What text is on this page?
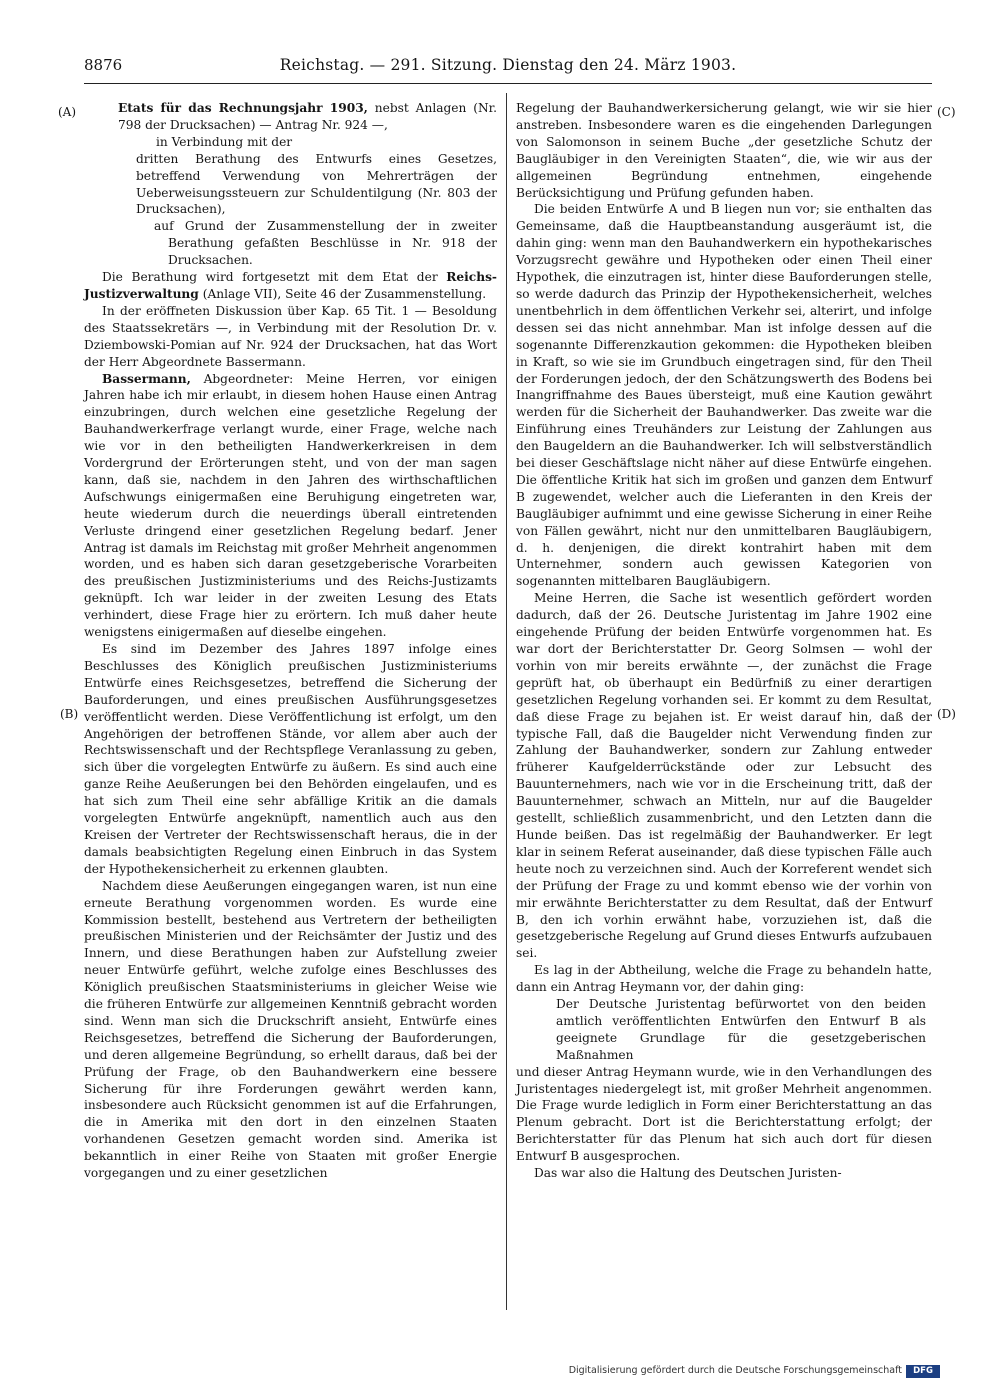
8876	Reichstag. — 291. Sitzung. Dienstag den 24. März 1903.
(A)
(B)
(C)
(D)

Etats für das Rechnungsjahr 1903, nebst Anlagen (Nr. 798 der Drucksachen) — Antrag Nr. 924 —,

in Verbindung mit der

dritten Berathung des Entwurfs eines Gesetzes, betreffend Verwendung von Mehrerträgen der Ueberweisungssteuern zur Schuldentilgung (Nr. 803 der Drucksachen),

auf Grund der Zusammenstellung der in zweiter Berathung gefaßten Beschlüsse in Nr. 918 der Drucksachen.

Die Berathung wird fortgesetzt mit dem Etat der Reichs-Justizverwaltung (Anlage VII), Seite 46 der Zusammenstellung.

In der eröffneten Diskussion über Kap. 65 Tit. 1 — Besoldung des Staatssekretärs —, in Verbindung mit der Resolution Dr. v. Dziembowski-Pomian auf Nr. 924 der Drucksachen, hat das Wort der Herr Abgeordnete Bassermann.

Bassermann, Abgeordneter: Meine Herren, vor einigen Jahren habe ich mir erlaubt, in diesem hohen Hause einen Antrag einzubringen, durch welchen eine gesetzliche Regelung der Bauhandwerkerfrage verlangt wurde, einer Frage, welche nach wie vor in den betheiligten Handwerkerkreisen in dem Vordergrund der Erörterungen steht, und von der man sagen kann, daß sie, nachdem in den Jahren des wirthschaftlichen Aufschwungs einigermaßen eine Beruhigung eingetreten war, heute wiederum durch die neuerdings überall eintretenden Verluste dringend einer gesetzlichen Regelung bedarf. Jener Antrag ist damals im Reichstag mit großer Mehrheit angenommen worden, und es haben sich daran gesetzgeberische Vorarbeiten des preußischen Justizministeriums und des Reichs-Justizamts geknüpft. Ich war leider in der zweiten Lesung des Etats verhindert, diese Frage hier zu erörtern. Ich muß daher heute wenigstens einigermaßen auf dieselbe eingehen.

Es sind im Dezember des Jahres 1897 infolge eines Beschlusses des Königlich preußischen Justizministeriums Entwürfe eines Reichsgesetzes, betreffend die Sicherung der Bauforderungen, und eines preußischen Ausführungsgesetzes veröffentlicht werden. Diese Veröffentlichung ist erfolgt, um den Angehörigen der betroffenen Stände, vor allem aber auch der Rechtswissenschaft und der Rechtspflege Veranlassung zu geben, sich über die vorgelegten Entwürfe zu äußern. Es sind auch eine ganze Reihe Aeußerungen bei den Behörden eingelaufen, und es hat sich zum Theil eine sehr abfällige Kritik an die damals vorgelegten Entwürfe angeknüpft, namentlich auch aus den Kreisen der Vertreter der Rechtswissenschaft heraus, die in der damals beabsichtigten Regelung einen Einbruch in das System der Hypothekensicherheit zu erkennen glaubten.

Nachdem diese Aeußerungen eingegangen waren, ist nun eine erneute Berathung vorgenommen worden. Es wurde eine Kommission bestellt, bestehend aus Vertretern der betheiligten preußischen Ministerien und der Reichsämter der Justiz und des Innern, und diese Berathungen haben zur Aufstellung zweier neuer Entwürfe geführt, welche zufolge eines Beschlusses des Königlich preußischen Staatsministeriums in gleicher Weise wie die früheren Entwürfe zur allgemeinen Kenntniß gebracht worden sind. Wenn man sich die Druckschrift ansieht, Entwürfe eines Reichsgesetzes, betreffend die Sicherung der Bauforderungen, und deren allgemeine Begründung, so erhellt daraus, daß bei der Prüfung der Frage, ob den Bauhandwerkern eine bessere Sicherung für ihre Forderungen gewährt werden kann, insbesondere auch Rücksicht genommen ist auf die Erfahrungen, die in Amerika mit den dort in den einzelnen Staaten vorhandenen Gesetzen gemacht worden sind. Amerika ist bekanntlich in einer Reihe von Staaten mit großer Energie vorgegangen und zu einer gesetzlichen

Regelung der Bauhandwerkersicherung gelangt, wie wir sie hier anstreben. Insbesondere waren es die eingehenden Darlegungen von Salomonson in seinem Buche „der gesetzliche Schutz der Baugläubiger in den Vereinigten Staaten“, die, wie wir aus der allgemeinen Begründung entnehmen, eingehende Berücksichtigung und Prüfung gefunden haben.

Die beiden Entwürfe A und B liegen nun vor; sie enthalten das Gemeinsame, daß die Hauptbeanstandung ausgeräumt ist, die dahin ging: wenn man den Bauhandwerkern ein hypothekarisches Vorzugsrecht gewähre und Hypotheken oder einen Theil einer Hypothek, die einzutragen ist, hinter diese Bauforderungen stelle, so werde dadurch das Prinzip der Hypothekensicherheit, welches unentbehrlich in dem öffentlichen Verkehr sei, alterirt, und infolge dessen sei das nicht annehmbar. Man ist infolge dessen auf die sogenannte Differenzkaution gekommen: die Hypotheken bleiben in Kraft, so wie sie im Grundbuch eingetragen sind, für den Theil der Forderungen jedoch, der den Schätzungswerth des Bodens bei Inangriffnahme des Baues übersteigt, muß eine Kaution gewährt werden für die Sicherheit der Bauhandwerker. Das zweite war die Einführung eines Treuhänders zur Leistung der Zahlungen aus den Baugeldern an die Bauhandwerker. Ich will selbstverständlich bei dieser Geschäftslage nicht näher auf diese Entwürfe eingehen. Die öffentliche Kritik hat sich im großen und ganzen dem Entwurf B zugewendet, welcher auch die Lieferanten in den Kreis der Baugläubiger aufnimmt und eine gewisse Sicherung in einer Reihe von Fällen gewährt, nicht nur den unmittelbaren Baugläubigern, d. h. denjenigen, die direkt kontrahirt haben mit dem Unternehmer, sondern auch gewissen Kategorien von sogenannten mittelbaren Baugläubigern.

Meine Herren, die Sache ist wesentlich gefördert worden dadurch, daß der 26. Deutsche Juristentag im Jahre 1902 eine eingehende Prüfung der beiden Entwürfe vorgenommen hat. Es war dort der Berichterstatter Dr. Georg Solmsen — wohl der vorhin von mir bereits erwähnte —, der zunächst die Frage geprüft hat, ob überhaupt ein Bedürfniß zu einer derartigen gesetzlichen Regelung vorhanden sei. Er kommt zu dem Resultat, daß diese Frage zu bejahen ist. Er weist darauf hin, daß der typische Fall, daß die Baugelder nicht Verwendung finden zur Zahlung der Bauhandwerker, sondern zur Zahlung entweder früherer Kaufgelderrückstände oder zur Lebsucht des Bauunternehmers, nach wie vor in die Erscheinung tritt, daß der Bauunternehmer, schwach an Mitteln, nur auf die Baugelder gestellt, schließlich zusammenbricht, und den Letzten dann die Hunde beißen. Das ist regelmäßig der Bauhandwerker. Er legt klar in seinem Referat auseinander, daß diese typischen Fälle auch heute noch zu verzeichnen sind. Auch der Korreferent wendet sich der Prüfung der Frage zu und kommt ebenso wie der vorhin von mir erwähnte Berichterstatter zu dem Resultat, daß der Entwurf B, den ich vorhin erwähnt habe, vorzuziehen ist, daß die gesetzgeberische Regelung auf Grund dieses Entwurfs aufzubauen sei.

Es lag in der Abtheilung, welche die Frage zu behandeln hatte, dann ein Antrag Heymann vor, der dahin ging:

Der Deutsche Juristentag befürwortet von den beiden amtlich veröffentlichten Entwürfen den Entwurf B als geeignete Grundlage für die gesetzgeberischen Maßnahmen

und dieser Antrag Heymann wurde, wie in den Verhandlungen des Juristentages niedergelegt ist, mit großer Mehrheit angenommen. Die Frage wurde lediglich in Form einer Berichterstattung an das Plenum gebracht. Dort ist die Berichterstattung erfolgt; der Berichterstatter für das Plenum hat sich auch dort für diesen Entwurf B ausgesprochen.

Das war also die Haltung des Deutschen Juristen-

Digitalisierung gefördert durch die Deutsche Forschungsgemeinschaft	DFG
